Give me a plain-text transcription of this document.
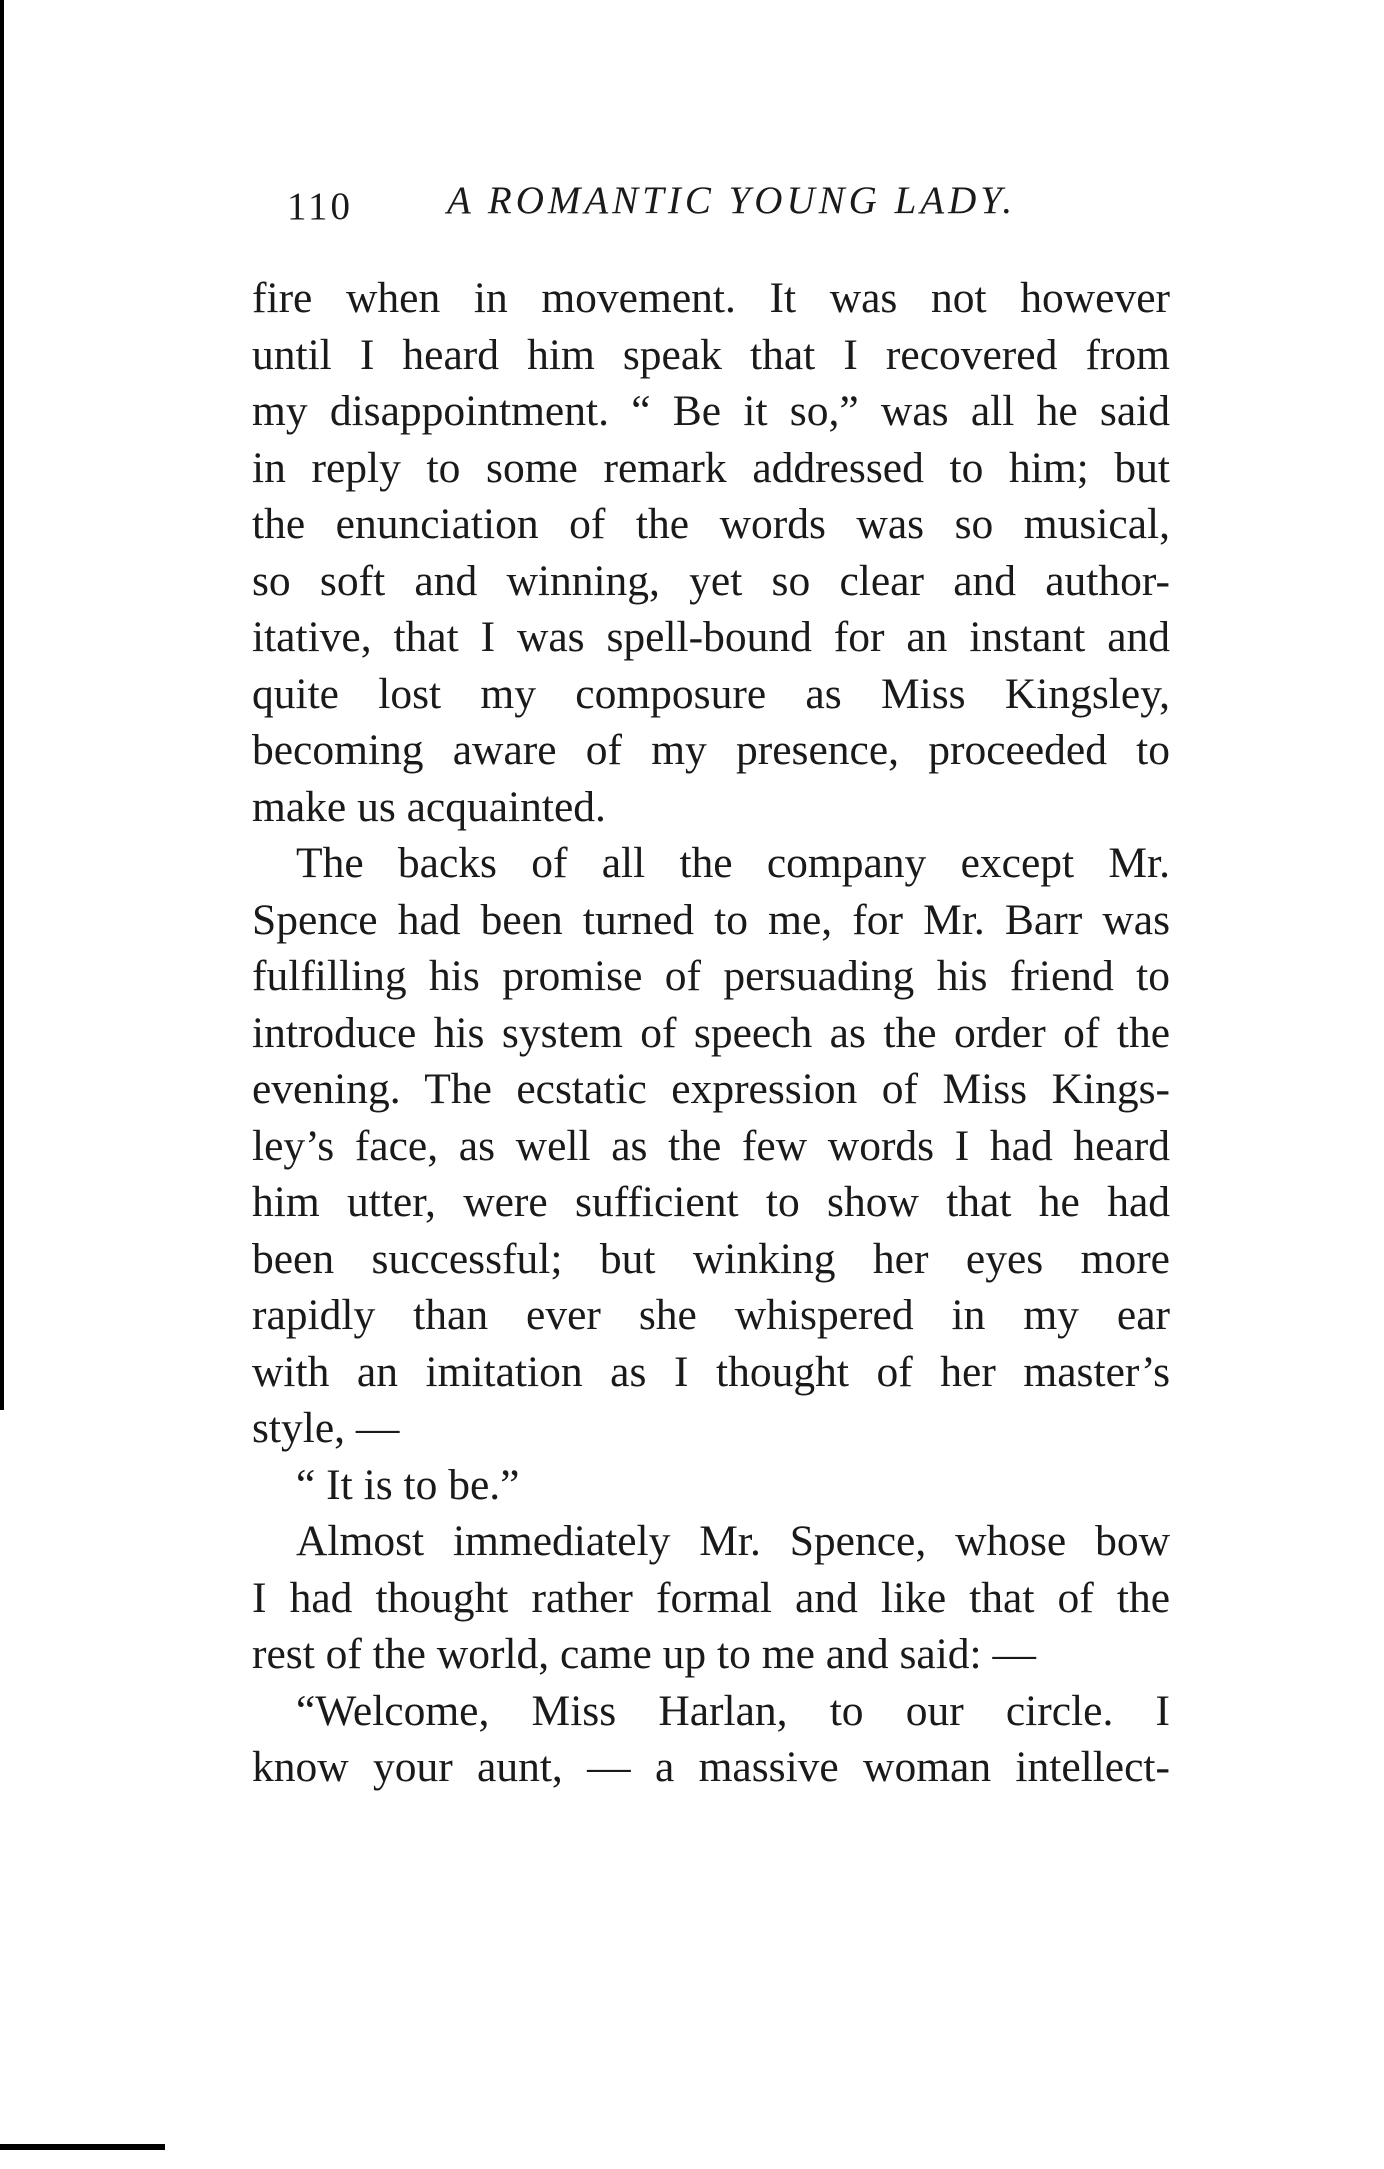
110 A ROMANTIC YOUNG LADY.
fire when in movement. It was not however
until I heard him speak that I recovered from
my disappointment. “ Be it so,” was all he said
in reply to some remark addressed to him; but
the enunciation of the words was so musical,
so soft and winning, yet so clear and author-
itative, that I was spell-bound for an instant and
quite lost my composure as Miss Kingsley,
becoming aware of my presence, proceeded to
make us acquainted.
The backs of all the company except Mr.
Spence had been turned to me, for Mr. Barr was
fulfilling his promise of persuading his friend to
introduce his system of speech as the order of the
evening. The ecstatic expression of Miss Kings-
ley’s face, as well as the few words I had heard
him utter, were sufficient to show that he had
been successful; but winking her eyes more
rapidly than ever she whispered in my ear
with an imitation as I thought of her master’s
style, —
“ It is to be.”
Almost immediately Mr. Spence, whose bow
I had thought rather formal and like that of the
rest of the world, came up to me and said: —
“Welcome, Miss Harlan, to our circle. I
know your aunt, — a massive woman intellect-
